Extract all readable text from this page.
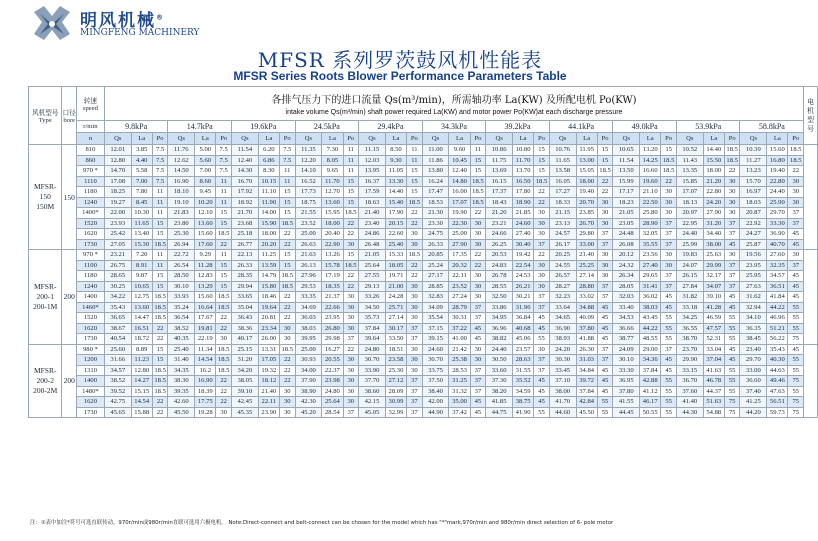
明风机械®
MINGFENG MACHINERY
MFSR 系列罗茨鼓风机性能表
MFSR Series Roots Blower Performance Parameters Table
风机型号
Type	口径
bore	转速
speed	各排气压力下的进口流量 Qs(m³/min)，所需轴功率 La(KW) 及所配电机 Po(KW)
intake volume Qs(m³/min) shaft power required La(KW) and motor power Po(KW)at each discharge pressure																																	电机型号
		r/min	9.8kPa			14.7kPa			19.6kPa			24.5kPa			29.4kPa			34.3kPa			39.2kPa			44.1kPa			49.0kPa			53.9kPa			58.8kPa			
		n	Qs	La	Po	Qs	La	Po	Qs	La	Po	Qs	La	Po	Qs	La	Po	Qs	La	Po	Qs	La	Po	Qs	La	Po	Qs	La	Po	Qs	La	Po	Qs	La	Po	

MFSR-
150
150M	150	810	12.01	3.85	7.5	11.76	5.00	7.5	11.54	6.20	7.5	11.35	7.30	11	11.15	8.50	11	11.00	9.60	11	10.86	10.80	15	10.76	11.95	15	10.65	13.20	15	10.52	14.40	18.5	10.39	15.60	18.5	
		860	12.80	4.40	7.5	12.62	5.60	7.5	12.40	6.86	7.5	12.20	8.05	11	12.03	9.30	11	11.86	10.45	15	11.75	11.70	15	11.65	13.00	15	11.54	14.25	18.5	11.43	15.50	18.5	11.27	16.80	18.5	
		970 *	14.70	5.58	7.5	14.50	7.00	7.5	14.30	8.30	11	14.10	9.65	11	13.95	11.05	15	13.80	12.40	15	13.69	13.70	15	13.58	15.05	18.5	13.50	16.60	18.5	13.35	18.00	22	13.23	19.40	22	
		1110	17.08	7.00	7.5	16.90	8.60	11	16.70	10.15	11	16.52	11.70	15	16.37	13.30	15	16.24	14.80	18.5	16.15	16.50	18.5	16.05	18.00	22	15.99	19.60	22	15.85	21.20	30	15.70	22.80	30	
		1180	18.25	7.80	11	18.10	9.45	11	17.92	11.10	15	17.73	12.70	15	17.59	14.40	15	17.47	16.00	18.5	17.37	17.80	22	17.27	19.40	22	17.17	21.10	30	17.07	22.80	30	16.97	24.40	30	
		1240	19.27	8.45	11	19.10	10.20	11	18.92	11.90	15	18.75	13.60	15	18.63	15.40	18.5	18.53	17.07	18.5	18.43	18.90	22	18.33	20.70	30	18.23	22.50	30	18.13	24.20	30	18.03	25.90	30	
		1400*	22.00	10.30	11	21.83	12.10	15	21.70	14.00	15	21.55	15.95	18.5	21.40	17.90	22	21.30	19.90	22	21.20	21.85	30	21.15	23.85	30	21.05	25.80	30	20.97	27.90	30	20.87	29.70	37	
		1520	23.93	11.65	15	23.80	13.60	15	23.68	15.90	18.5	23.52	18.00	22	23.40	20.15	22	23.30	22.30	30	23.21	24.60	30	23.13	26.70	30	23.05	28.90	37	22.95	31.20	37	22.92	33.30	37	
		1620	25.42	13.40	15	25.30	15.60	18.5	25.18	18.00	22	25.00	20.40	22	24.86	22.60	30	24.75	25.00	30	24.66	27.40	30	24.57	29.80	37	24.48	32.05	37	24.40	34.40	37	24.27	36.90	45	
		1730	27.05	15.30	18.5	26.94	17.60	22	26.77	20.20	22	26.63	22.90	30	26.48	25.40	30	26.33	27.90	30	26.25	30.40	37	26.17	33.00	37	26.08	35.55	37	25.99	38.00	45	25.87	40.70	45	

MFSR-
200-1
200-1M	200	970 *	23.21	7.20	11	22.72	9.29	11	22.13	11.25	15	21.63	13.26	15	21.05	15.33	18.5	20.85	17.35	22	20.53	19.42	22	20.25	21.40	30	20.12	23.56	30	19.83	25.63	30	19.56	27.60	30	
		1100	26.75	8.91	11	26.54	11.28	15	26.33	13.59	15	26.13	15.78	18.5	25.64	18.05	22	25.24	20.32	22	24.83	22.54	30	24.55	25.25	30	24.32	27.40	30	24.07	29.99	37	23.95	32.35	37	
		1180	28.65	9.87	15	28.50	12.83	15	28.35	14.79	18.5	27.96	17.19	22	27.55	19.71	22	27.17	22.11	30	26.78	24.53	30	26.57	27.14	30	26.34	29.65	37	26.15	32.17	37	25.95	34.57	45	
		1240	30.25	10.65	15	30.10	13.29	15	29.94	15.80	18.5	29.53	18.35	22	29.13	21.00	30	28.85	23.52	30	28.55	26.21	30	28.27	28.80	37	28.05	31.41	37	27.84	34.07	37	27.63	36.51	45	
		1400	34.22	12.75	18.5	33.93	15.60	18.5	33.65	18.46	22	33.35	21.37	30	33.26	24.28	30	32.83	27.24	30	32.50	30.21	37	32.23	33.02	37	32.03	36.02	45	31.82	39.10	45	31.62	41.84	45	
		1460*	35.43	13.60	18.5	35.24	16.64	18.5	35.04	19.64	22	34.69	22.66	30	34.50	25.71	30	34.09	28.79	37	33.86	31.96	37	33.64	34.88	45	33.40	38.03	45	33.18	41.28	45	32.94	44.22	55	
		1520	36.65	14.47	18.5	36.54	17.67	22	36.43	20.81	22	36.03	23.95	30	35.73	27.14	30	35.54	30.31	37	34.95	36.84	45	34.65	40.09	45	34.53	43.45	55	34.25	46.59	55	34.10	46.96	55	
		1620	38.67	16.51	22	38.52	19.81	22	38.36	23.34	30	38.03	26.80	30	37.84	30.17	37	37.15	37.22	45	36.96	40.68	45	36.90	37.80	45	36.66	44.22	55	36.55	47.57	55	36.35	51.21	55	
		1730	40.54	18.72	22	40.35	22.19	30	40.17	26.00	30	39.95	29.98	37	39.64	33.50	37	39.15	41.00	45	38.82	45.06	55	38.93	41.88	45	38.77	48.55	55	38.70	52.31	55	38.45	56.22	75	

MFSR-
200-2
200-2M	200	980 *	25.60	8.89	15	25.40	11.34	18.5	25.15	13.31	18.5	25.00	16.27	22	24.80	18.51	30	24.60	21.42	30	24.40	23.57	30	24.20	26.30	37	24.09	29.00	37	23.70	33.04	45	23.40	35.43	45	
		1200	31.66	11.23	15	31.40	14.54	18.5	31.20	17.05	22	30.93	20.55	30	30.70	23.58	30	30.70	25.38	30	30.50	28.63	37	30.30	31.03	37	30.10	34.36	45	29.90	37.04	45	29.70	40.30	55	
		1310	34.57	12.80	18.5	34.35	16.2	18.5	34.20	19.32	22	34.00	22.37	30	33.90	25.30	30	33.75	28.53	37	33.60	31.55	37	33.45	34.84	45	33.30	37.84	45	33.15	41.63	55	33.00	44.63	55	
		1400	38.52	14.27	18.5	38.30	16.90	22	38.05	18.12	22	37.90	23.98	30	37.70	27.12	37	37.50	31.25	37	37.30	35.52	45	37.10	39.72	45	36.95	42.88	55	36.70	46.78	55	36.60	49.46	75	
		1480*	39.52	15.15	18.5	39.35	18.39	22	39.10	21.40	30	38.90	24.80	30	38.60	28.09	37	38.40	31.32	37	38.20	34.59	45	38.00	37.84	45	37.80	41.12	55	37.60	44.37	55	37.40	47.63	55	
		1620	42.75	14.54	22	42.60	17.75	22	42.45	22.11	30	42.30	25.64	30	42.15	30.99	37	42.00	35.00	45	41.85	38.75	45	41.70	42.84	55	41.55	46.17	55	41.40	51.63	75	41.25	56.51	75	
		1730	45.65	15.88	22	45.50	19.28	30	45.35	23.90	30	45.20	28.54	37	45.05	32.99	37	44.90	37.42	45	44.75	41.90	55	44.60	45.50	55	44.45	50.55	55	44.30	54.88	75	44.20	59.73	75	
注：①表中加注*符号可选直联传动，970r/min或980r/min直联可选用六极电机。 Note:Direct-connect and belt-connect can be chosen for the model which has "*"mark,970r/min and 980r/min direct selection of 6- pole motor
